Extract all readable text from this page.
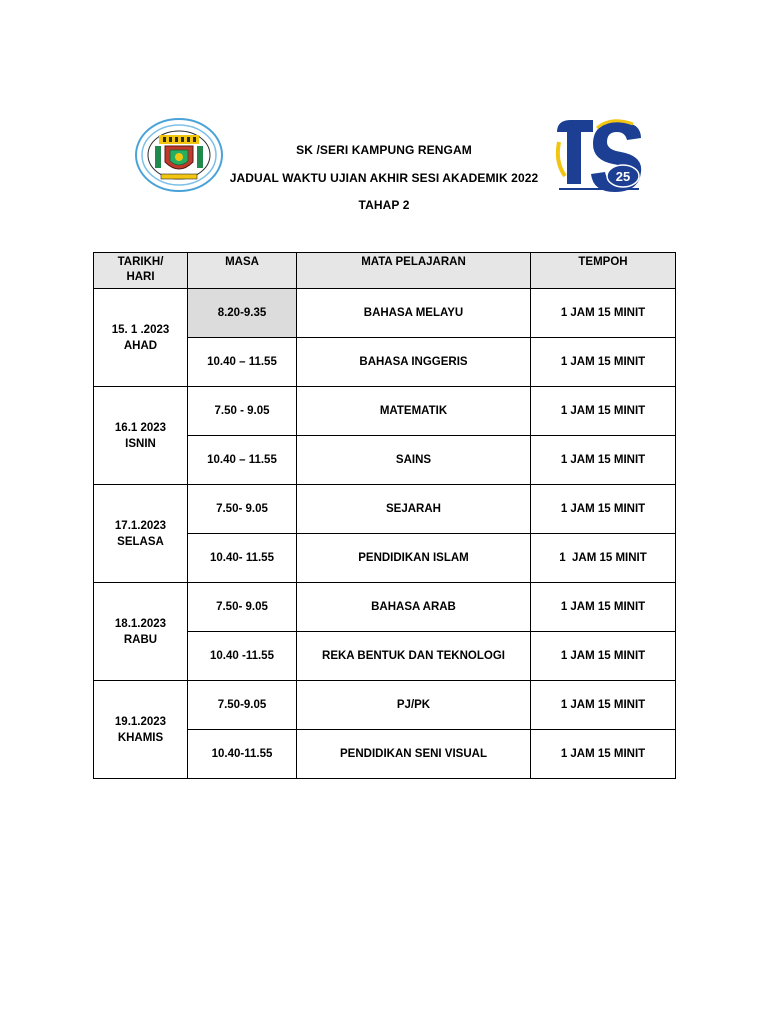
SK /SERI KAMPUNG RENGAM
JADUAL WAKTU UJIAN AKHIR SESI AKADEMIK 2022
TAHAP 2
25
TARIKH/
HARI	MASA	MATA PELAJARAN	TEMPOH

15. 1 .2023
AHAD	8.20-9.35	BAHASA MELAYU	1 JAM 15 MINIT
	10.40 – 11.55	BAHASA INGGERIS	1 JAM 15 MINIT

16.1 2023
ISNIN	7.50 - 9.05	MATEMATIK	1 JAM 15 MINIT
	10.40 – 11.55	SAINS	1 JAM 15 MINIT

17.1.2023
SELASA	7.50- 9.05	SEJARAH	1 JAM 15 MINIT
	10.40- 11.55	PENDIDIKAN ISLAM	1  JAM 15 MINIT

18.1.2023
RABU	7.50- 9.05	BAHASA ARAB	1 JAM 15 MINIT
	10.40 -11.55	REKA BENTUK DAN TEKNOLOGI	1 JAM 15 MINIT

19.1.2023
KHAMIS	7.50-9.05	PJ/PK	1 JAM 15 MINIT
	10.40-11.55	PENDIDIKAN SENI VISUAL	1 JAM 15 MINIT
